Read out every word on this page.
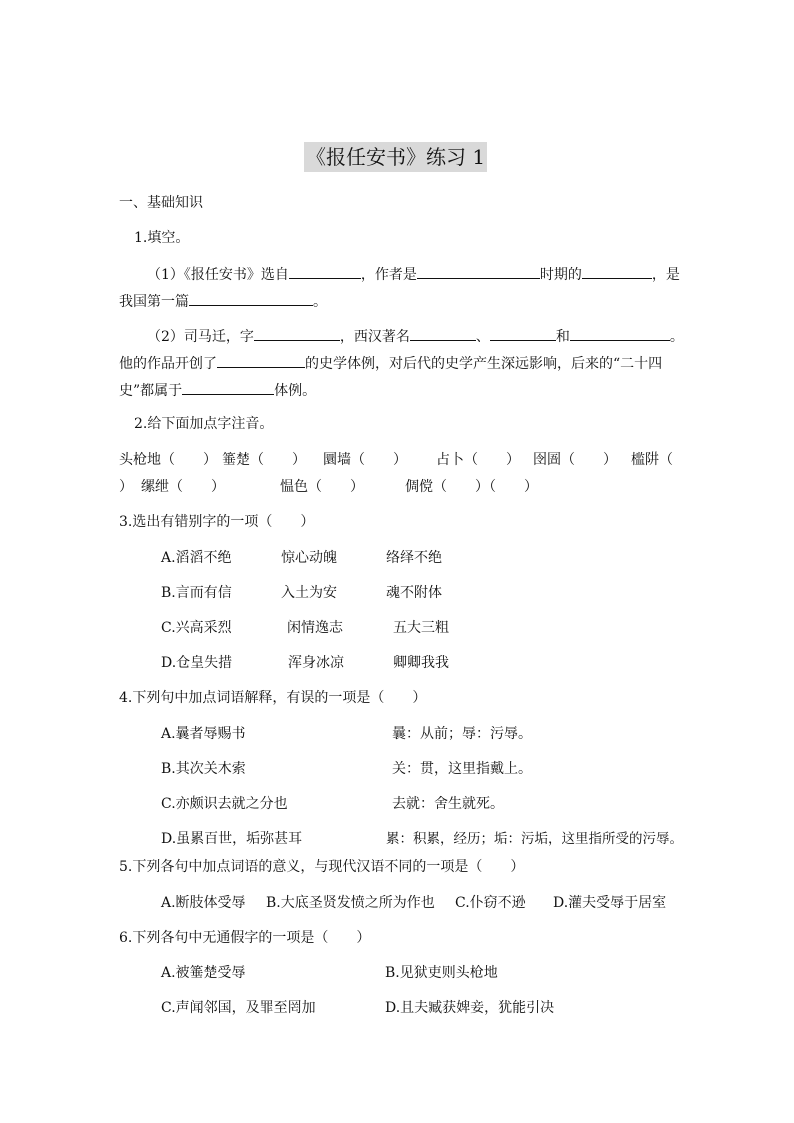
《报任安书》练习 1
一、基础知识
1.填空。
（1）《报任安书》选自	，作者是	时期的	，是
我国第一篇	。
（2）司马迁，字	，西汉著名	、	和	。
他的作品开创了	的史学体例，对后代的史学产生深远影响，后来的“二十四
史”都属于	体例。
2.给下面加点字注音。
头枪地（　　） 箠楚（　　） 圜墙（　　） 占卜（　　） 囹圄（　　） 槛阱（
） 缧绁（　　）	愠色（　　）	倜傥（　　）（　　）
3.选出有错别字的一项（　　）
A.滔滔不绝	惊心动魄	络绎不绝
B.言而有信	入土为安	魂不附体
C.兴高采烈	闲情逸志	五大三粗
D.仓皇失措	浑身冰凉	卿卿我我
4.下列句中加点词语解释，有误的一项是（　　）
A.曩者辱赐书	曩：从前；辱：污辱。
B.其次关木索	关：贯，这里指戴上。
C.亦颇识去就之分也	去就：舍生就死。
D.虽累百世，垢弥甚耳	累：积累，经历；垢：污垢，这里指所受的污辱。
5.下列各句中加点词语的意义，与现代汉语不同的一项是（　　）
A.断肢体受辱 B.大底圣贤发愤之所为作也 C.仆窃不逊 D.灌夫受辱于居室
6.下列各句中无通假字的一项是（　　）
A.被箠楚受辱	B.见狱吏则头枪地
C.声闻邻国，及罪至罔加	D.且夫臧获婢妾，犹能引决
